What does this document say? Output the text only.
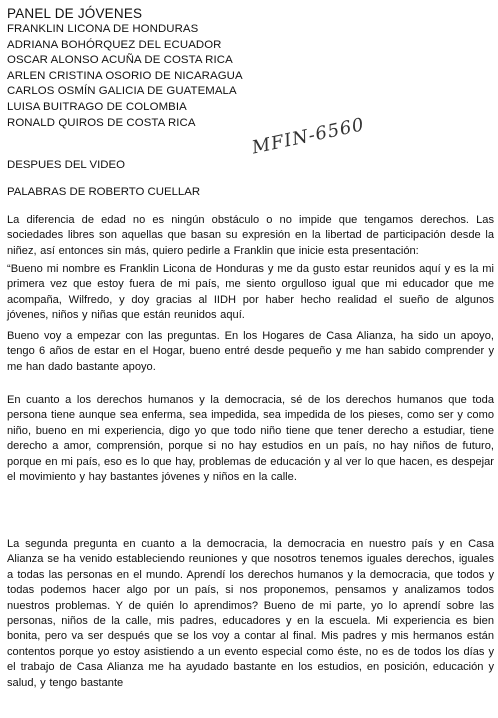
PANEL DE JÓVENES
FRANKLIN LICONA DE HONDURAS
ADRIANA BOHÓRQUEZ DEL ECUADOR
OSCAR ALONSO ACUÑA DE COSTA RICA
ARLEN CRISTINA OSORIO DE NICARAGUA
CARLOS OSMÍN GALICIA DE GUATEMALA
LUISA BUITRAGO DE COLOMBIA
RONALD QUIROS DE COSTA RICA	MFIN-6560

DESPUES DEL VIDEO

PALABRAS DE ROBERTO CUELLAR

La diferencia de edad no es ningún obstáculo o no impide que tengamos derechos. Las sociedades libres son aquellas que basan su expresión en la libertad de participación desde la niñez, así entonces sin más, quiero pedirle a Franklin que inicie esta presentación:

“Bueno mi nombre es Franklin Licona de Honduras y me da gusto estar reunidos aquí y es la mi primera vez que estoy fuera de mi país, me siento orgulloso igual que mi educador que me acompaña, Wilfredo, y doy gracias al IIDH por haber hecho realidad el sueño de algunos jóvenes, niños y niñas que están reunidos aquí.

Bueno voy a empezar con las preguntas. En los Hogares de Casa Alianza, ha sido un apoyo, tengo 6 años de estar en el Hogar, bueno entré desde pequeño y me han sabido comprender y me han dado bastante apoyo.

En cuanto a los derechos humanos y la democracia, sé de los derechos humanos que toda persona tiene aunque sea enferma, sea impedida, sea impedida de los pieses, como ser y como niño, bueno en mi experiencia, digo yo que todo niño tiene que tener derecho a estudiar, tiene derecho a amor, comprensión, porque si no hay estudios en un país, no hay niños de futuro, porque en mi país, eso es lo que hay, problemas de educación y al ver lo que hacen, es despejar el movimiento y hay bastantes jóvenes y niños en la calle.

La segunda pregunta en cuanto a la democracia, la democracia en nuestro país y en Casa Alianza se ha venido estableciendo reuniones y que nosotros tenemos iguales derechos, iguales a todas las personas en el mundo. Aprendí los derechos humanos y la democracia, que todos y todas podemos hacer algo por un país, si nos proponemos, pensamos y analizamos todos nuestros problemas. Y de quién lo aprendimos? Bueno de mi parte, yo lo aprendí sobre las personas, niños de la calle, mis padres, educadores y en la escuela. Mi experiencia es bien bonita, pero va ser después que se los voy a contar al final. Mis padres y mis hermanos están contentos porque yo estoy asistiendo a un evento especial como éste, no es de todos los días y el trabajo de Casa Alianza me ha ayudado bastante en los estudios, en posición, educación y salud, y tengo bastante
